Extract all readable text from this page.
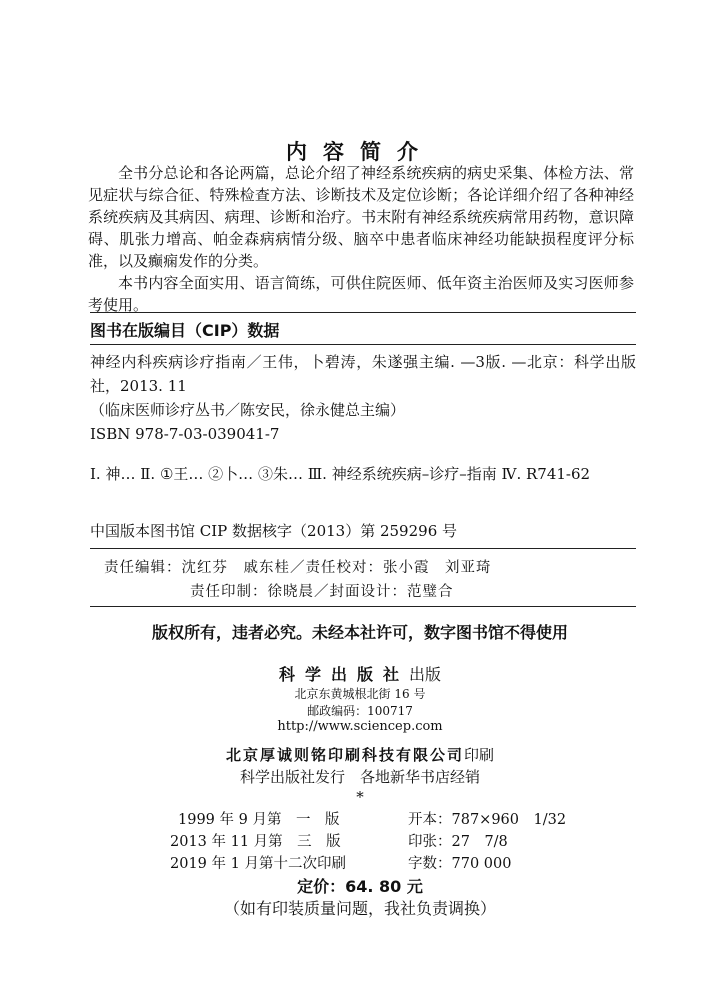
内容简介

全书分总论和各论两篇，总论介绍了神经系统疾病的病史采集、体检方法、常见症状与综合征、特殊检查方法、诊断技术及定位诊断；各论详细介绍了各种神经系统疾病及其病因、病理、诊断和治疗。书末附有神经系统疾病常用药物，意识障碍、肌张力增高、帕金森病病情分级、脑卒中患者临床神经功能缺损程度评分标准，以及癫痫发作的分类。

本书内容全面实用、语言简练，可供住院医师、低年资主治医师及实习医师参考使用。

图书在版编目（CIP）数据
神经内科疾病诊疗指南／王伟，卜碧涛，朱遂强主编. —3版. —北京：科学出版社，2013. 11
（临床医师诊疗丛书／陈安民，徐永健总主编）
ISBN 978-7-03-039041-7
Ⅰ. 神… Ⅱ. ①王… ②卜… ③朱… Ⅲ. 神经系统疾病–诊疗–指南 Ⅳ. R741-62
中国版本图书馆 CIP 数据核字（2013）第 259296 号
责任编辑：沈红芬　戚东桂／责任校对：张小霞　刘亚琦
责任印制：徐晓晨／封面设计：范璧合
版权所有，违者必究。未经本社许可，数字图书馆不得使用
科学出版社出版
北京东黄城根北街 16 号
邮政编码：100717
http://www.sciencep.com
北京厚诚则铭印刷科技有限公司印刷
科学出版社发行　各地新华书店经销
*
1999 年 9 月第　一　版	开本：787×960　1/32
2013 年 11 月第　三　版	印张：27　7/8
2019 年 1 月第十二次印刷	字数：770 000
定价：64. 80 元
（如有印装质量问题，我社负责调换）
